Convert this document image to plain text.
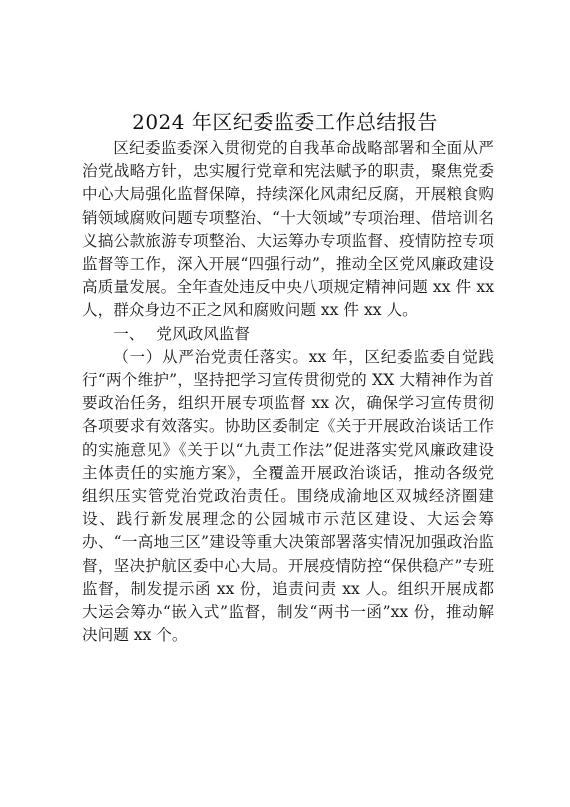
2024 年区纪委监委工作总结报告

区纪委监委深入贯彻党的自我革命战略部署和全面从严治党战略方针，忠实履行党章和宪法赋予的职责，聚焦党委中心大局强化监督保障，持续深化风肃纪反腐，开展粮食购销领域腐败问题专项整治、“十大领域”专项治理、借培训名义搞公款旅游专项整治、大运筹办专项监督、疫情防控专项监督等工作，深入开展“四强行动”，推动全区党风廉政建设高质量发展。全年查处违反中央八项规定精神问题 xx 件 xx 人，群众身边不正之风和腐败问题 xx 件 xx 人。

一、 党风政风监督

（一）从严治党责任落实。xx 年，区纪委监委自觉践行“两个维护”，坚持把学习宣传贯彻党的 XX 大精神作为首要政治任务，组织开展专项监督 xx 次，确保学习宣传贯彻各项要求有效落实。协助区委制定《关于开展政治谈话工作的实施意见》《关于以“九责工作法”促进落实党风廉政建设主体责任的实施方案》，全覆盖开展政治谈话，推动各级党组织压实管党治党政治责任。围绕成渝地区双城经济圈建设、践行新发展理念的公园城市示范区建设、大运会筹办、“一高地三区”建设等重大决策部署落实情况加强政治监督，坚决护航区委中心大局。开展疫情防控“保供稳产”专班监督，制发提示函 xx 份，追责问责 xx 人。组织开展成都大运会筹办“嵌入式”监督，制发“两书一函”xx 份，推动解决问题 xx 个。
